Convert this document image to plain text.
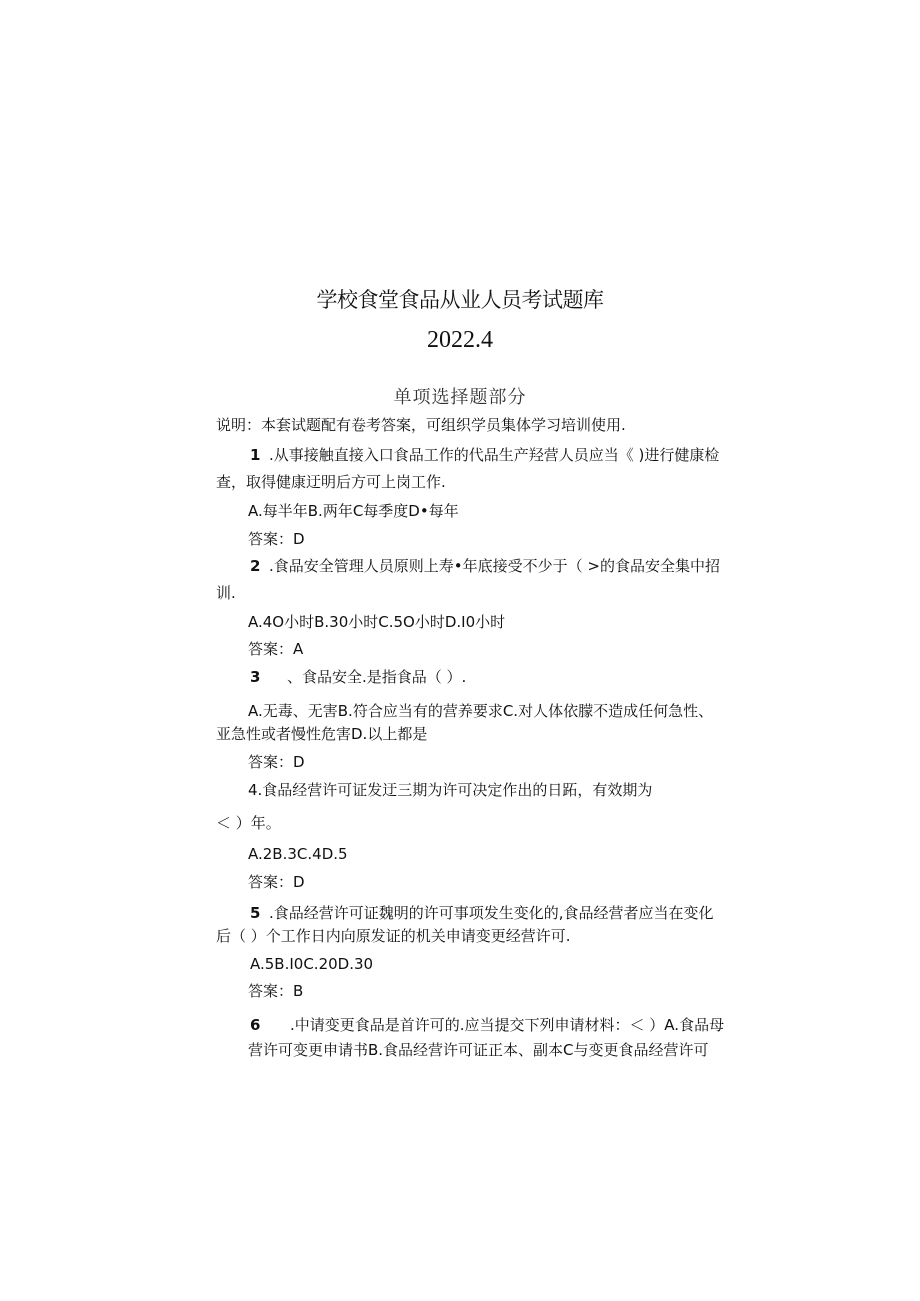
学校食堂食品从业人员考试题库
2022.4
单项选择题部分
说明：本套试题配有卷考答案，可组织学员集体学习培训使用.
1 .从事接触直接入口食品工作的代品生产羟营人员应当《 )进行健康检
查，取得健康迂明后方可上岗工作.
A.每半年B.两年C每季度D•每年
答案：D
2 .食品安全管理人员原则上寿•年底接受不少于（ >的食品安全集中招
训.
A.4O小时B.30小时C.5O小时D.I0小时
答案：A
3 、食品安全.是指食品（ ）.
A.无毒、无害B.符合应当有的营养要求C.对人体依朦不造成任何急性、
亚急性或者慢性危害D.以上都是
答案：D
4.食品经营许可证发迂三期为许可决定作出的日跖，有效期为
＜ ）年。
A.2B.3C.4D.5
答案：D
5 .食品经营许可证魏明的许可事项发生变化的,食品经营者应当在变化
后（ ）个工作日内向原发证的机关申请变更经营许可.
A.5B.I0C.20D.30
答案：B
6 .中请变更食品是首许可的.应当提交下列申请材料：＜ ）A.食品母
营许可变更申请书B.食品经营许可证正本、副本C与变更食品经营许可
